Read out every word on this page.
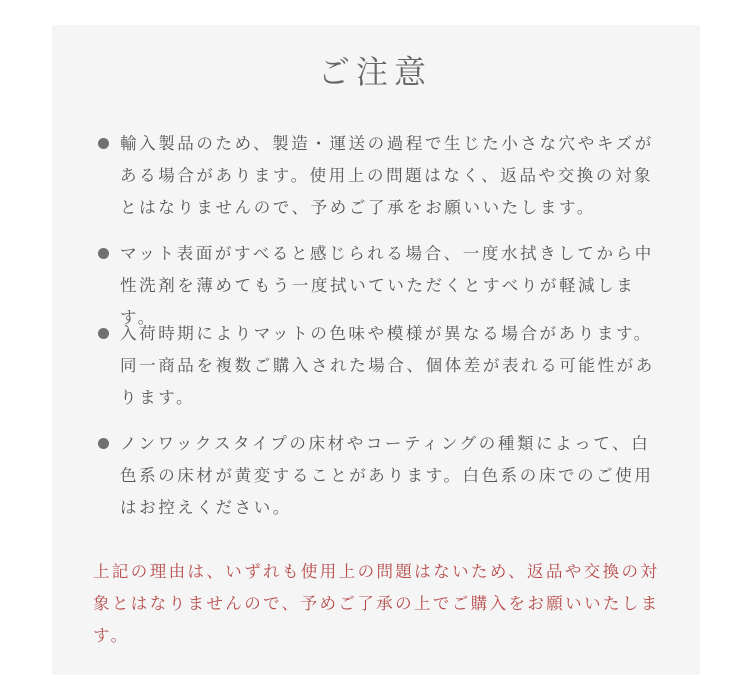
ご注意
輸入製品のため、製造・運送の過程で生じた小さな穴やキズがある場合があります。使用上の問題はなく、返品や交換の対象とはなりませんので、予めご了承をお願いいたします。
マット表面がすべると感じられる場合、一度水拭きしてから中性洗剤を薄めてもう一度拭いていただくとすべりが軽減します。
入荷時期によりマットの色味や模様が異なる場合があります。同一商品を複数ご購入された場合、個体差が表れる可能性があります。
ノンワックスタイプの床材やコーティングの種類によって、白色系の床材が黄変することがあります。白色系の床でのご使用はお控えください。

上記の理由は、いずれも使用上の問題はないため、返品や交換の対象とはなりませんので、予めご了承の上でご購入をお願いいたします。
